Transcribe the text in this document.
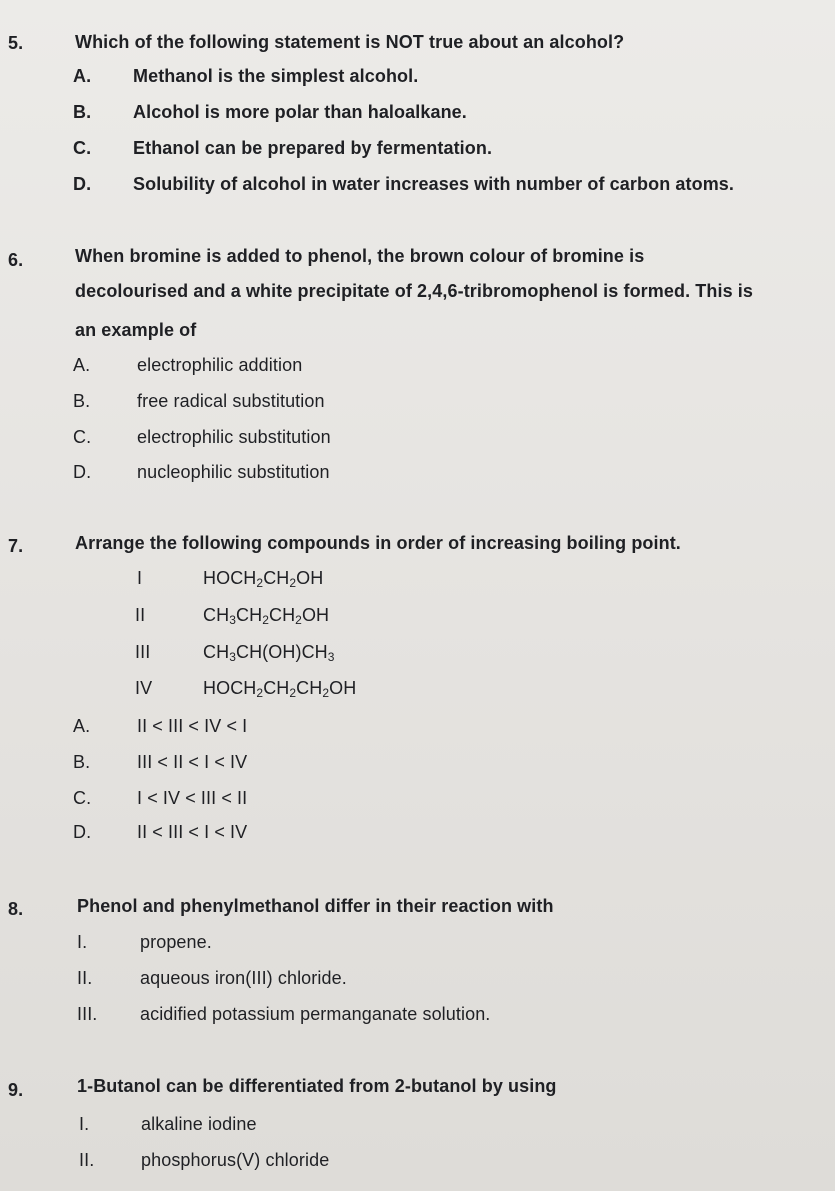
5.	Which of the following statement is NOT true about an alcohol?
A. Methanol is the simplest alcohol.
B. Alcohol is more polar than haloalkane.
C. Ethanol can be prepared by fermentation.
D. Solubility of alcohol in water increases with number of carbon atoms.
6.	When bromine is added to phenol, the brown colour of bromine is
decolourised and a white precipitate of 2,4,6-tribromophenol is formed. This is
an example of
A.	electrophilic addition
B.	free radical substitution
C.	electrophilic substitution
D.	nucleophilic substitution
7.	Arrange the following compounds in order of increasing boiling point.
I	$HOCH_2CH_2OH$
II	$CH_3CH_2CH_2OH$
III	$CH_3CH(OH)CH_3$
IV	$HOCH_2CH_2CH_2OH$
A.	II < III < IV < I
B.	III < II < I < IV
C.	I < IV < III < II
D.	II < III < I < IV
8.	Phenol and phenylmethanol differ in their reaction with
I.	propene.
II.	aqueous iron(III) chloride.
III. acidified potassium permanganate solution.
9.	1-Butanol can be differentiated from 2-butanol by using
I.	alkaline iodine
II.	phosphorus(V) chloride
